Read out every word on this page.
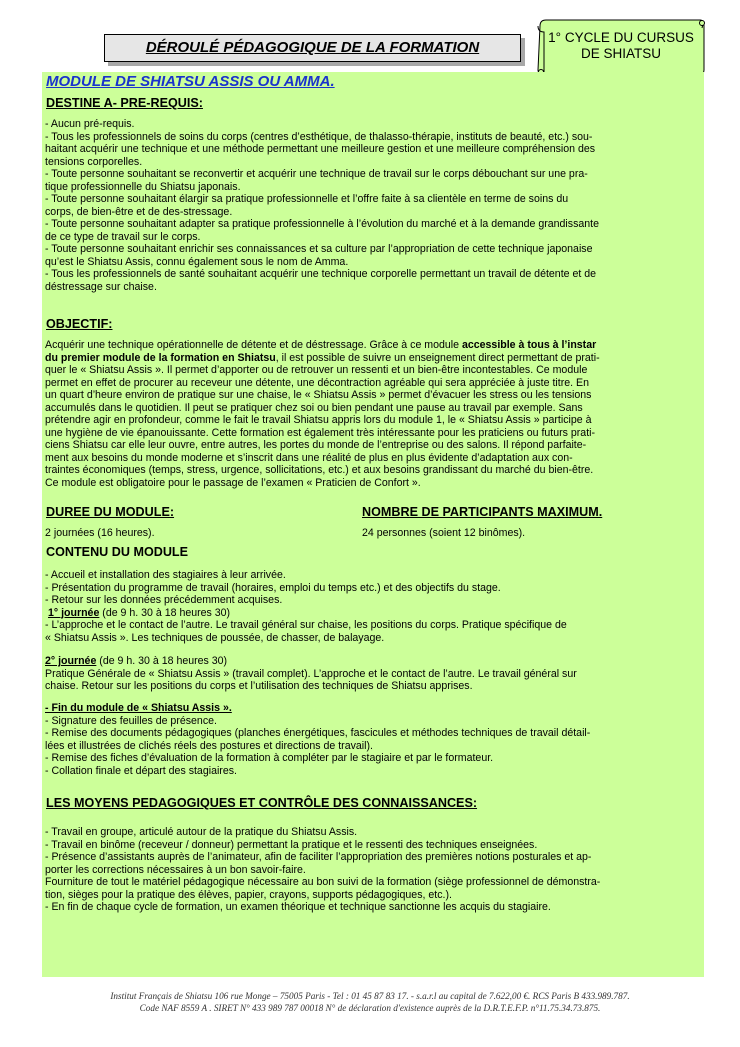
DÉROULÉ PÉDAGOGIQUE DE LA FORMATION
1° CYCLE DU CURSUS
DE SHIATSU
MODULE DE SHIATSU ASSIS OU AMMA.
DESTINE A- PRE-REQUIS:
- Aucun pré-requis.
- Tous les professionnels de soins du corps (centres d’esthétique, de thalasso-thérapie, instituts de beauté, etc.) sou-
haitant acquérir une technique et une méthode permettant une meilleure gestion et une meilleure compréhension des
tensions corporelles.
- Toute personne souhaitant se reconvertir et acquérir une technique de travail sur le corps débouchant sur une pra-
tique professionnelle du Shiatsu japonais.
- Toute personne souhaitant élargir sa pratique professionnelle et l’offre faite à sa clientèle en terme de soins du
corps, de bien-être et de des-stressage.
- Toute personne souhaitant adapter sa pratique professionnelle à l’évolution du marché et à la demande grandissante
de ce type de travail sur le corps.
- Toute personne souhaitant enrichir ses connaissances et sa culture par l’appropriation de cette technique japonaise
qu’est le Shiatsu Assis, connu également sous le nom de Amma.
- Tous les professionnels de santé souhaitant acquérir une technique corporelle permettant un travail de détente et de
déstressage sur chaise.
OBJECTIF:
Acquérir une technique opérationnelle de détente et de déstressage. Grâce à ce module accessible à tous à l’instar
du premier module de la formation en Shiatsu, il est possible de suivre un enseignement direct permettant de prati-
quer le « Shiatsu Assis ». Il permet d’apporter ou de retrouver un ressenti et un bien-être incontestables. Ce module
permet en effet de procurer au receveur une détente, une décontraction agréable qui sera appréciée à juste titre. En
un quart d’heure environ de pratique sur une chaise, le « Shiatsu Assis » permet d’évacuer les stress ou les tensions
accumulés dans le quotidien. Il peut se pratiquer chez soi ou bien pendant une pause au travail par exemple. Sans
prétendre agir en profondeur, comme le fait le travail Shiatsu appris lors du module 1, le « Shiatsu Assis » participe à
une hygiène de vie épanouissante. Cette formation est également très intéressante pour les praticiens ou futurs prati-
ciens Shiatsu car elle leur ouvre, entre autres, les portes du monde de l’entreprise ou des salons. Il répond parfaite-
ment aux besoins du monde moderne et s’inscrit dans une réalité de plus en plus évidente d’adaptation aux con-
traintes économiques (temps, stress, urgence, sollicitations, etc.) et aux besoins grandissant du marché du bien-être.
Ce module est obligatoire pour le passage de l’examen « Praticien de Confort ».
DUREE DU MODULE:	NOMBRE DE PARTICIPANTS MAXIMUM.
2 journées (16 heures).	24 personnes (soient 12 binômes).
CONTENU DU MODULE
- Accueil et installation des stagiaires à leur arrivée.
- Présentation du programme de travail (horaires, emploi du temps etc.) et des objectifs du stage.
- Retour sur les données précédemment acquises.
1° journée (de 9 h. 30 à 18 heures 30)
- L’approche et le contact de l’autre. Le travail général sur chaise, les positions du corps. Pratique spécifique de
« Shiatsu Assis ». Les techniques de poussée, de chasser, de balayage.
2° journée (de 9 h. 30 à 18 heures 30)
Pratique Générale de « Shiatsu Assis » (travail complet). L’approche et le contact de l’autre. Le travail général sur
chaise. Retour sur les positions du corps et l’utilisation des techniques de Shiatsu apprises.
- Fin du module de « Shiatsu Assis ».
- Signature des feuilles de présence.
- Remise des documents pédagogiques (planches énergétiques, fascicules et méthodes techniques de travail détail-
lées et illustrées de clichés réels des postures et directions de travail).
- Remise des fiches d’évaluation de la formation à compléter par le stagiaire et par le formateur.
- Collation finale et départ des stagiaires.
LES MOYENS PEDAGOGIQUES ET CONTRÔLE DES CONNAISSANCES:
- Travail en groupe, articulé autour de la pratique du Shiatsu Assis.
- Travail en binôme (receveur / donneur) permettant la pratique et le ressenti des techniques enseignées.
- Présence d’assistants auprès de l’animateur, afin de faciliter l’appropriation des premières notions posturales et ap-
porter les corrections nécessaires à un bon savoir-faire.
Fourniture de tout le matériel pédagogique nécessaire au bon suivi de la formation (siège professionnel de démonstra-
tion, sièges pour la pratique des élèves, papier, crayons, supports pédagogiques, etc.).
- En fin de chaque cycle de formation, un examen théorique et technique sanctionne les acquis du stagiaire.
Institut Français de Shiatsu 106 rue Monge – 75005 Paris - Tel : 01 45 87 83 17. - s.a.r.l au capital de 7.622,00 €. RCS Paris B 433.989.787.
Code NAF 8559 A . SIRET N° 433 989 787 00018 N° de déclaration d'existence auprès de la D.R.T.E.F.P. n°11.75.34.73.875.
